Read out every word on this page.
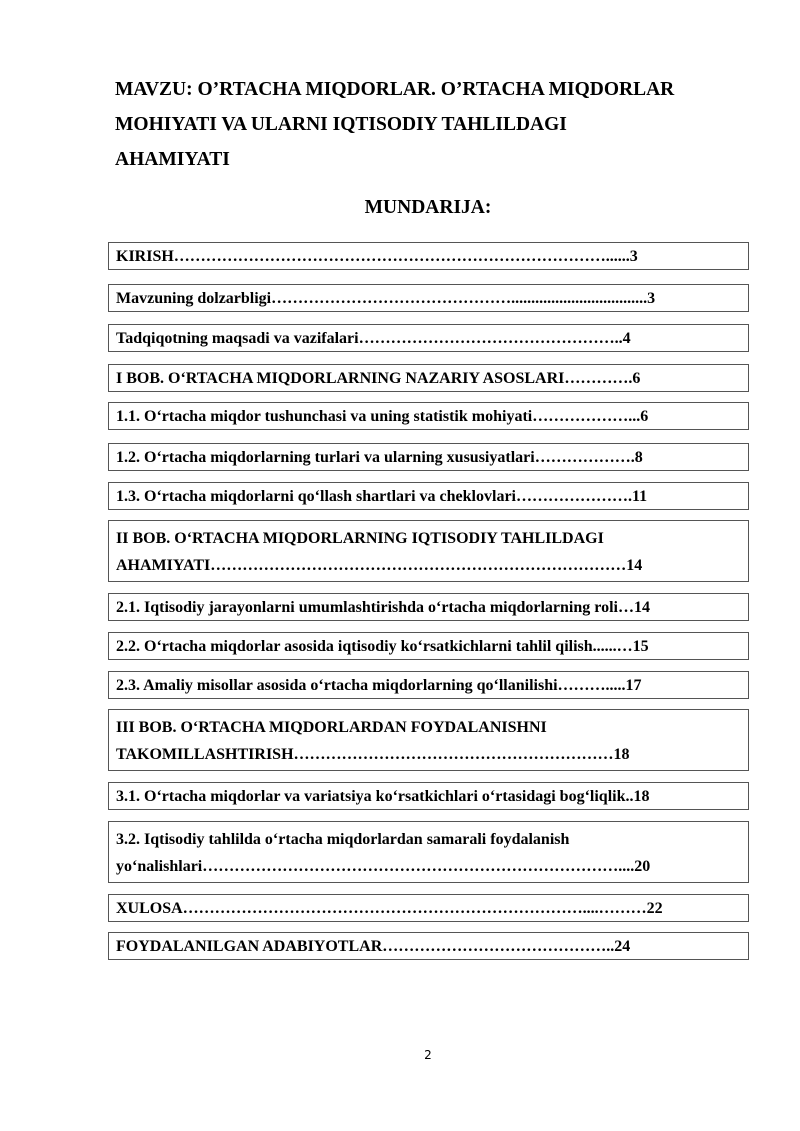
MAVZU: O’RTACHA MIQDORLAR. O’RTACHA MIQDORLAR
MOHIYATI VA ULARNI IQTISODIY TAHLILDAGI
AHAMIYATI
MUNDARIJA:
KIRISH………………………………………………………………………......3
Mavzuning dolzarbligi………………………………………..................................3
Tadqiqotning maqsadi va vazifalari…………………………………………..4
I BOB. O‘RTACHA MIQDORLARNING NAZARIY ASOSLARI………….6
1.1. O‘rtacha miqdor tushunchasi va uning statistik mohiyati………………...6
1.2. O‘rtacha miqdorlarning turlari va ularning xususiyatlari……………….8
1.3. O‘rtacha miqdorlarni qo‘llash shartlari va cheklovlari………………….11
II BOB. O‘RTACHA MIQDORLARNING IQTISODIY TAHLILDAGI
AHAMIYATI……………………………………………………………………14
2.1. Iqtisodiy jarayonlarni umumlashtirishda o‘rtacha miqdorlarning roli…14
2.2. O‘rtacha miqdorlar asosida iqtisodiy ko‘rsatkichlarni tahlil qilish......…15
2.3. Amaliy misollar asosida o‘rtacha miqdorlarning qo‘llanilishi……….....17
III BOB. O‘RTACHA MIQDORLARDAN FOYDALANISHNI
TAKOMILLASHTIRISH……………………………………………………18
3.1. O‘rtacha miqdorlar va variatsiya ko‘rsatkichlari o‘rtasidagi bog‘liqlik..18
3.2. Iqtisodiy tahlilda o‘rtacha miqdorlardan samarali foydalanish
yo‘nalishlari……………………………………………………………………....20
XULOSA…………………………………………………………………....………22
FOYDALANILGAN ADABIYOTLAR……………………………………..24
2
